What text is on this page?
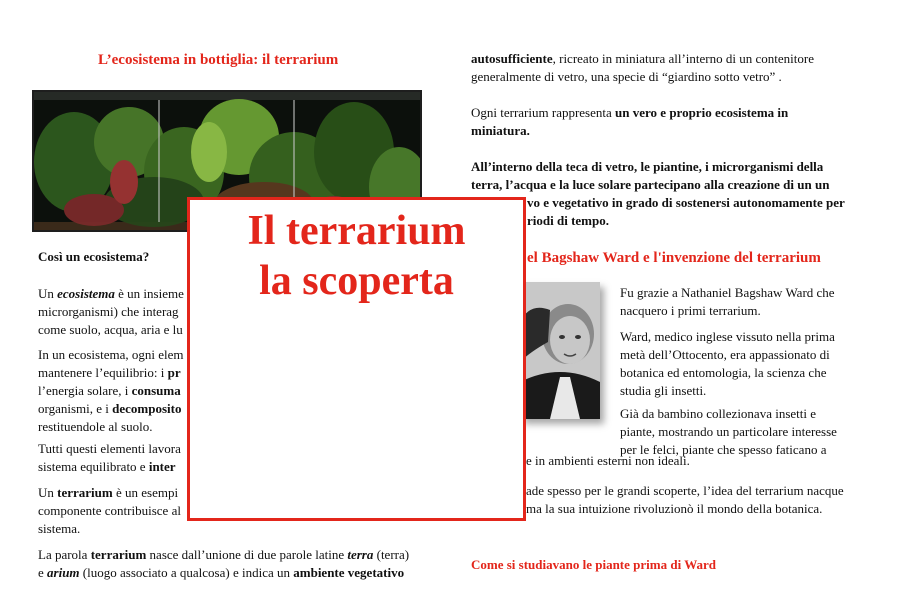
L’ecosistema in bottiglia: il terrarium
Così un ecosistema?

Un ecosistema è un insieme
microrganismi) che interag
come suolo, acqua, aria e lu

In un ecosistema, ogni elem
mantenere l’equilibrio: i pr
l’energia solare, i consuma
organismi, e i decomposito
restituendole al suolo.

Tutti questi elementi lavora
sistema equilibrato e inter

Un terrarium è un esempi
componente contribuisce al
sistema.

La parola terrarium nasce dall’unione di due parole latine terra (terra)
e arium (luogo associato a qualcosa) e indica un ambiente vegetativo

autosufficiente, ricreato in miniatura all’interno di un contenitore
generalmente di vetro, una specie di “giardino sotto vetro” .

Ogni terrarium rappresenta un vero e proprio ecosistema in
miniatura.

All’interno della teca di vetro, le piantine, i microrganismi della
terra, l’acqua e la luce solare partecipano alla creazione di un un
vo e vegetativo in grado di sostenersi autonomamente per
riodi di tempo.

el Bagshaw Ward e l'invenzione del terrarium

Fu grazie a Nathaniel Bagshaw Ward che nacquero i primi terrarium.

Ward, medico inglese vissuto nella prima metà dell’Ottocento, era appassionato di botanica ed entomologia, la scienza che studia gli insetti.

Già da bambino collezionava insetti e piante, mostrando un particolare interesse per le felci, piante che spesso faticano a

e in ambienti esterni non ideali.

ade spesso per le grandi scoperte, l’idea del terrarium nacque
ma la sua intuizione rivoluzionò il mondo della botanica.

Come si studiavano le piante prima di Ward
Il terrarium
la scoperta
